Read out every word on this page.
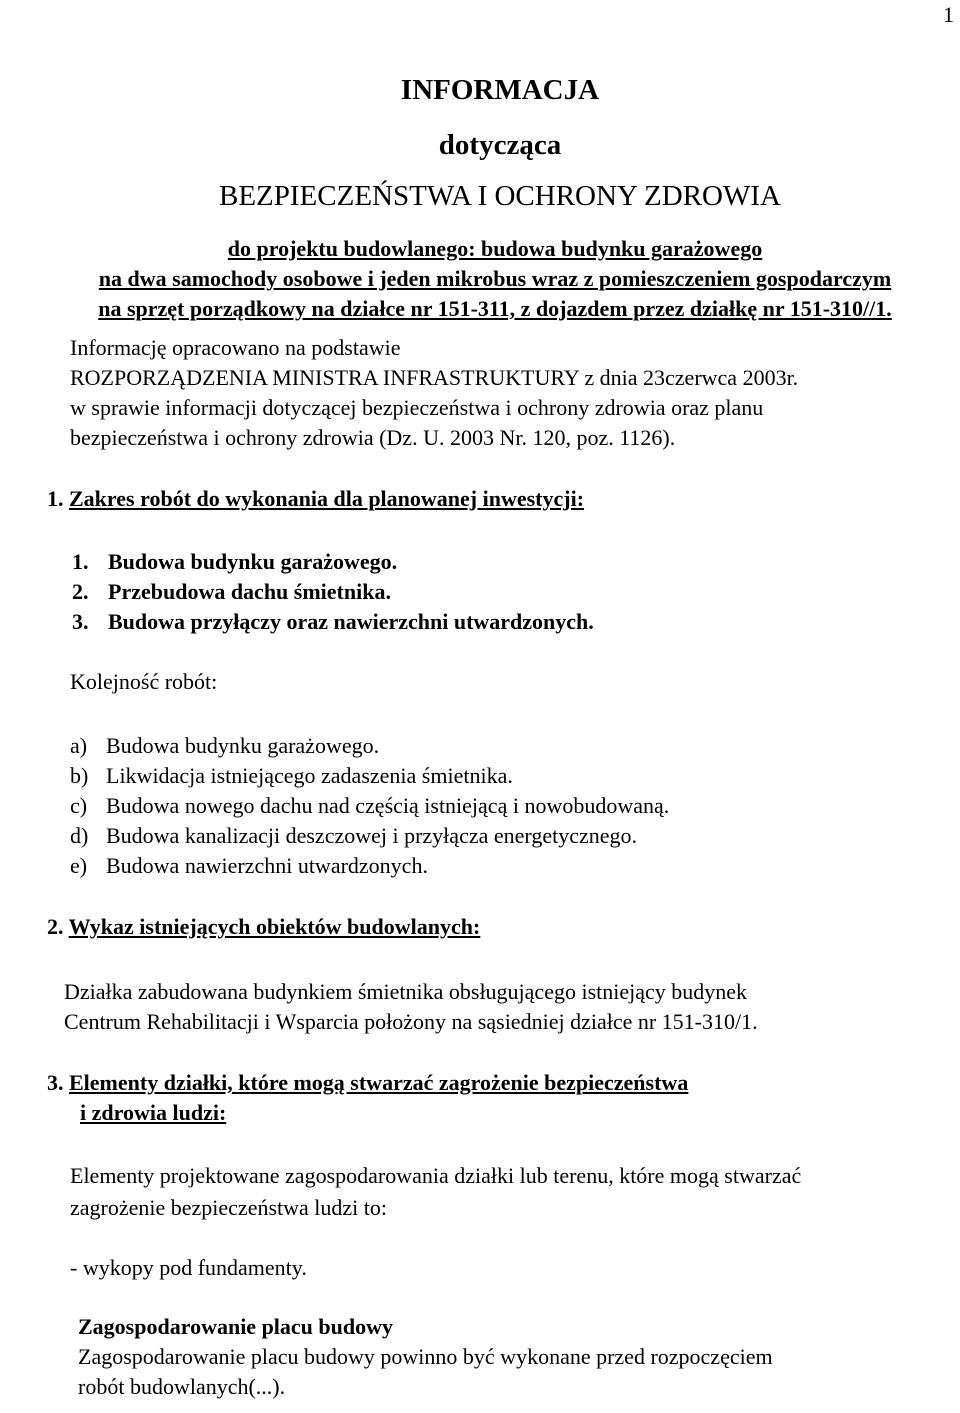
1
INFORMACJA
dotycząca
BEZPIECZEŃSTWA I OCHRONY ZDROWIA
do projektu budowlanego: budowa budynku garażowego
na dwa samochody osobowe i jeden mikrobus wraz z pomieszczeniem gospodarczym
na sprzęt porządkowy na działce nr 151-311, z dojazdem przez działkę nr 151-310//1.
Informację opracowano na podstawie
ROZPORZĄDZENIA MINISTRA INFRASTRUKTURY z dnia 23czerwca 2003r.
w sprawie informacji dotyczącej bezpieczeństwa i ochrony zdrowia oraz planu
bezpieczeństwa i ochrony zdrowia (Dz. U. 2003 Nr. 120, poz. 1126).
1. Zakres robót do wykonania dla planowanej inwestycji:
1. Budowa budynku garażowego.
2. Przebudowa dachu śmietnika.
3. Budowa przyłączy oraz nawierzchni utwardzonych.
Kolejność robót:
a) Budowa budynku garażowego.
b) Likwidacja istniejącego zadaszenia śmietnika.
c) Budowa nowego dachu nad częścią istniejącą i nowobudowaną.
d) Budowa kanalizacji deszczowej i przyłącza energetycznego.
e) Budowa nawierzchni utwardzonych.
2. Wykaz istniejących obiektów budowlanych:
Działka zabudowana budynkiem śmietnika obsługującego istniejący budynek
Centrum Rehabilitacji i Wsparcia położony na sąsiedniej działce nr 151-310/1.
3. Elementy działki, które mogą stwarzać zagrożenie bezpieczeństwa
i zdrowia ludzi:
Elementy projektowane zagospodarowania działki lub terenu, które mogą stwarzać
zagrożenie bezpieczeństwa ludzi to:
- wykopy pod fundamenty.
Zagospodarowanie placu budowy
Zagospodarowanie placu budowy powinno być wykonane przed rozpoczęciem
robót budowlanych(...).
